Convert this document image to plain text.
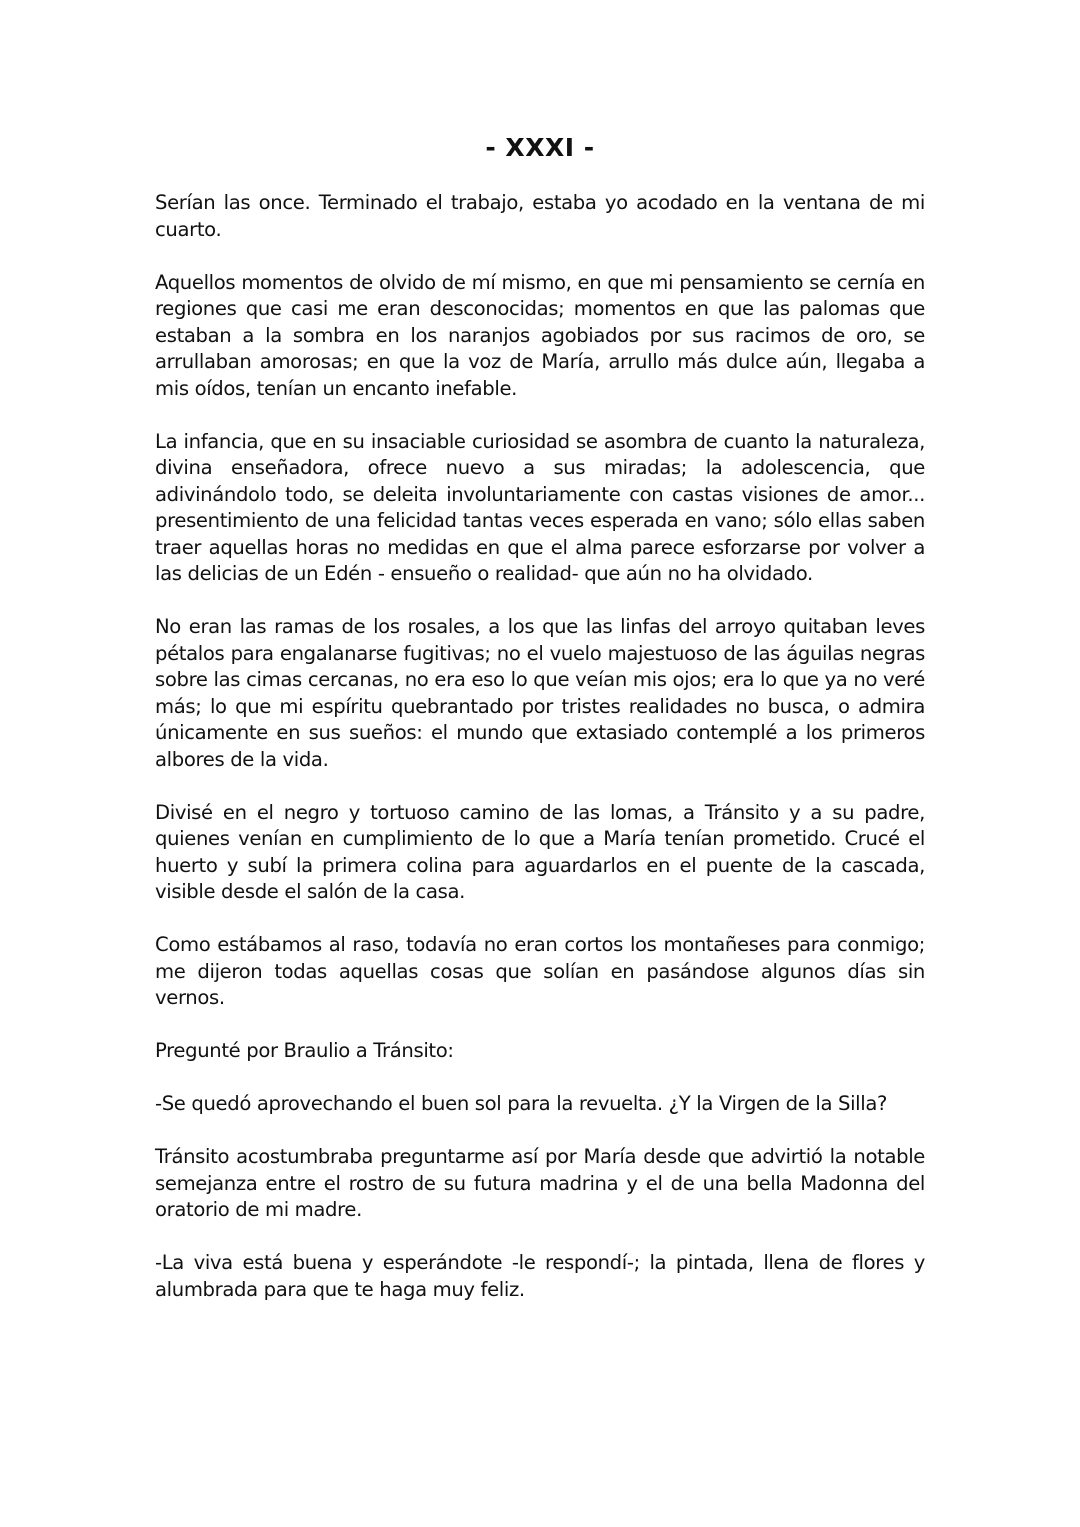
- XXXI -

Serían las once. Terminado el trabajo, estaba yo acodado en la ventana de mi cuarto.

Aquellos momentos de olvido de mí mismo, en que mi pensamiento se cernía en regiones que casi me eran desconocidas; momentos en que las palomas que estaban a la sombra en los naranjos agobiados por sus racimos de oro, se arrullaban amorosas; en que la voz de María, arrullo más dulce aún, llegaba a mis oídos, tenían un encanto inefable.

La infancia, que en su insaciable curiosidad se asombra de cuanto la naturaleza, divina enseñadora, ofrece nuevo a sus miradas; la adolescencia, que adivinándolo todo, se deleita involuntariamente con castas visiones de amor... presentimiento de una felicidad tantas veces esperada en vano; sólo ellas saben traer aquellas horas no medidas en que el alma parece esforzarse por volver a las delicias de un Edén - ensueño o realidad- que aún no ha olvidado.

No eran las ramas de los rosales, a los que las linfas del arroyo quitaban leves pétalos para engalanarse fugitivas; no el vuelo majestuoso de las águilas negras sobre las cimas cercanas, no era eso lo que veían mis ojos; era lo que ya no veré más; lo que mi espíritu quebrantado por tristes realidades no busca, o admira únicamente en sus sueños: el mundo que extasiado contemplé a los primeros albores de la vida.

Divisé en el negro y tortuoso camino de las lomas, a Tránsito y a su padre, quienes venían en cumplimiento de lo que a María tenían prometido. Crucé el huerto y subí la primera colina para aguardarlos en el puente de la cascada, visible desde el salón de la casa.

Como estábamos al raso, todavía no eran cortos los montañeses para conmigo; me dijeron todas aquellas cosas que solían en pasándose algunos días sin vernos.

Pregunté por Braulio a Tránsito:

-Se quedó aprovechando el buen sol para la revuelta. ¿Y la Virgen de la Silla?

Tránsito acostumbraba preguntarme así por María desde que advirtió la notable semejanza entre el rostro de su futura madrina y el de una bella Madonna del oratorio de mi madre.

-La viva está buena y esperándote -le respondí-; la pintada, llena de flores y alumbrada para que te haga muy feliz.
